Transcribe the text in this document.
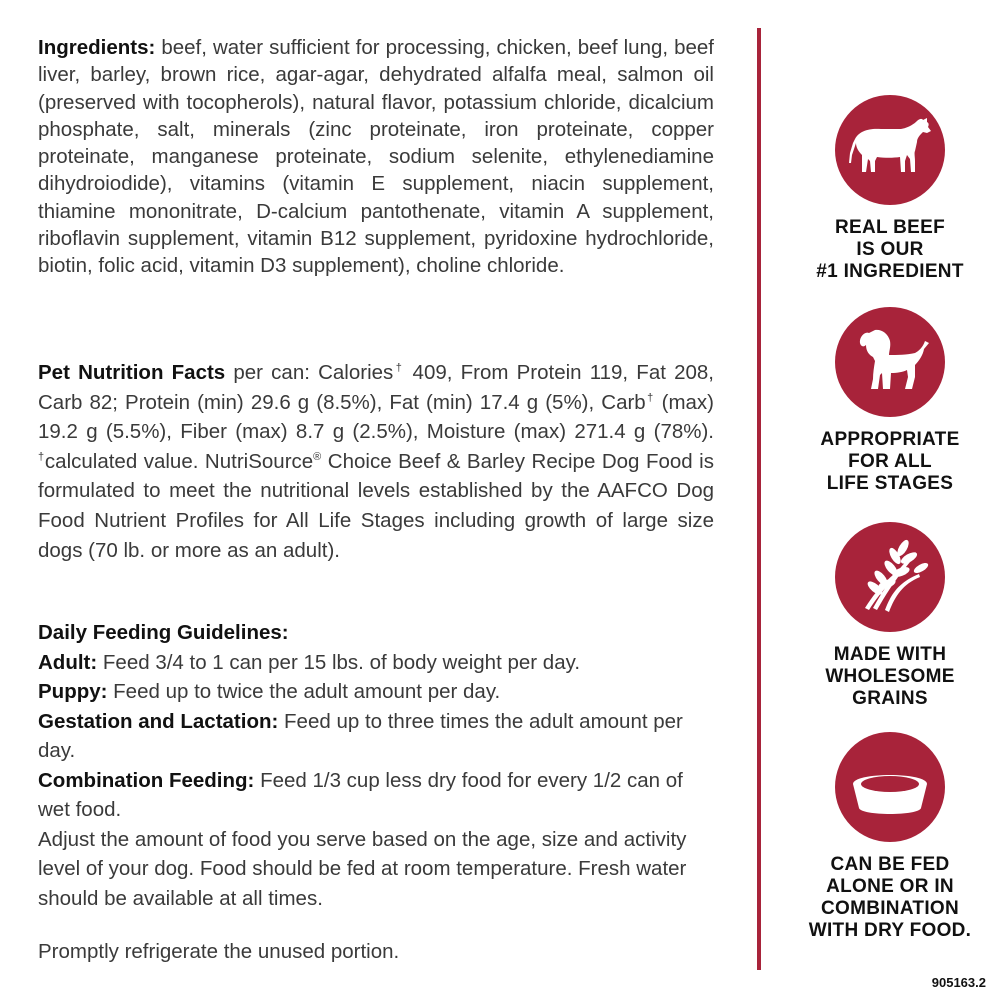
Ingredients: beef, water sufficient for processing, chicken, beef lung, beef liver, barley, brown rice, agar-agar, dehydrated alfalfa meal, salmon oil (preserved with tocopherols), natural flavor, potassium chloride, dicalcium phosphate, salt, minerals (zinc proteinate, iron proteinate, copper proteinate, manganese proteinate, sodium selenite, ethylenediamine dihydroiodide), vitamins (vitamin E supplement, niacin supplement, thiamine mononitrate, D-calcium pantothenate, vitamin A supplement, riboflavin supplement, vitamin B12 supplement, pyridoxine hydrochloride, biotin, folic acid, vitamin D3 supplement), choline chloride.

Pet Nutrition Facts per can: Calories† 409, From Protein 119, Fat 208, Carb 82; Protein (min) 29.6 g (8.5%), Fat (min) 17.4 g (5%), Carb† (max) 19.2 g (5.5%), Fiber (max) 8.7 g (2.5%), Moisture (max) 271.4 g (78%). †calculated value. NutriSource® Choice Beef & Barley Recipe Dog Food is formulated to meet the nutritional levels established by the AAFCO Dog Food Nutrient Profiles for All Life Stages including growth of large size dogs (70 lb. or more as an adult).

Daily Feeding Guidelines:
Adult: Feed 3/4 to 1 can per 15 lbs. of body weight per day.
Puppy: Feed up to twice the adult amount per day.
Gestation and Lactation: Feed up to three times the adult amount per day.
Combination Feeding: Feed 1/3 cup less dry food for every 1/2 can of wet food.
Adjust the amount of food you serve based on the age, size and activity level of your dog. Food should be fed at room temperature. Fresh water should be available at all times.
Promptly refrigerate the unused portion.
REAL BEEF
IS OUR
#1 INGREDIENT
APPROPRIATE
FOR ALL
LIFE STAGES
MADE WITH
WHOLESOME
GRAINS
CAN BE FED
ALONE OR IN
COMBINATION
WITH DRY FOOD.
905163.2
